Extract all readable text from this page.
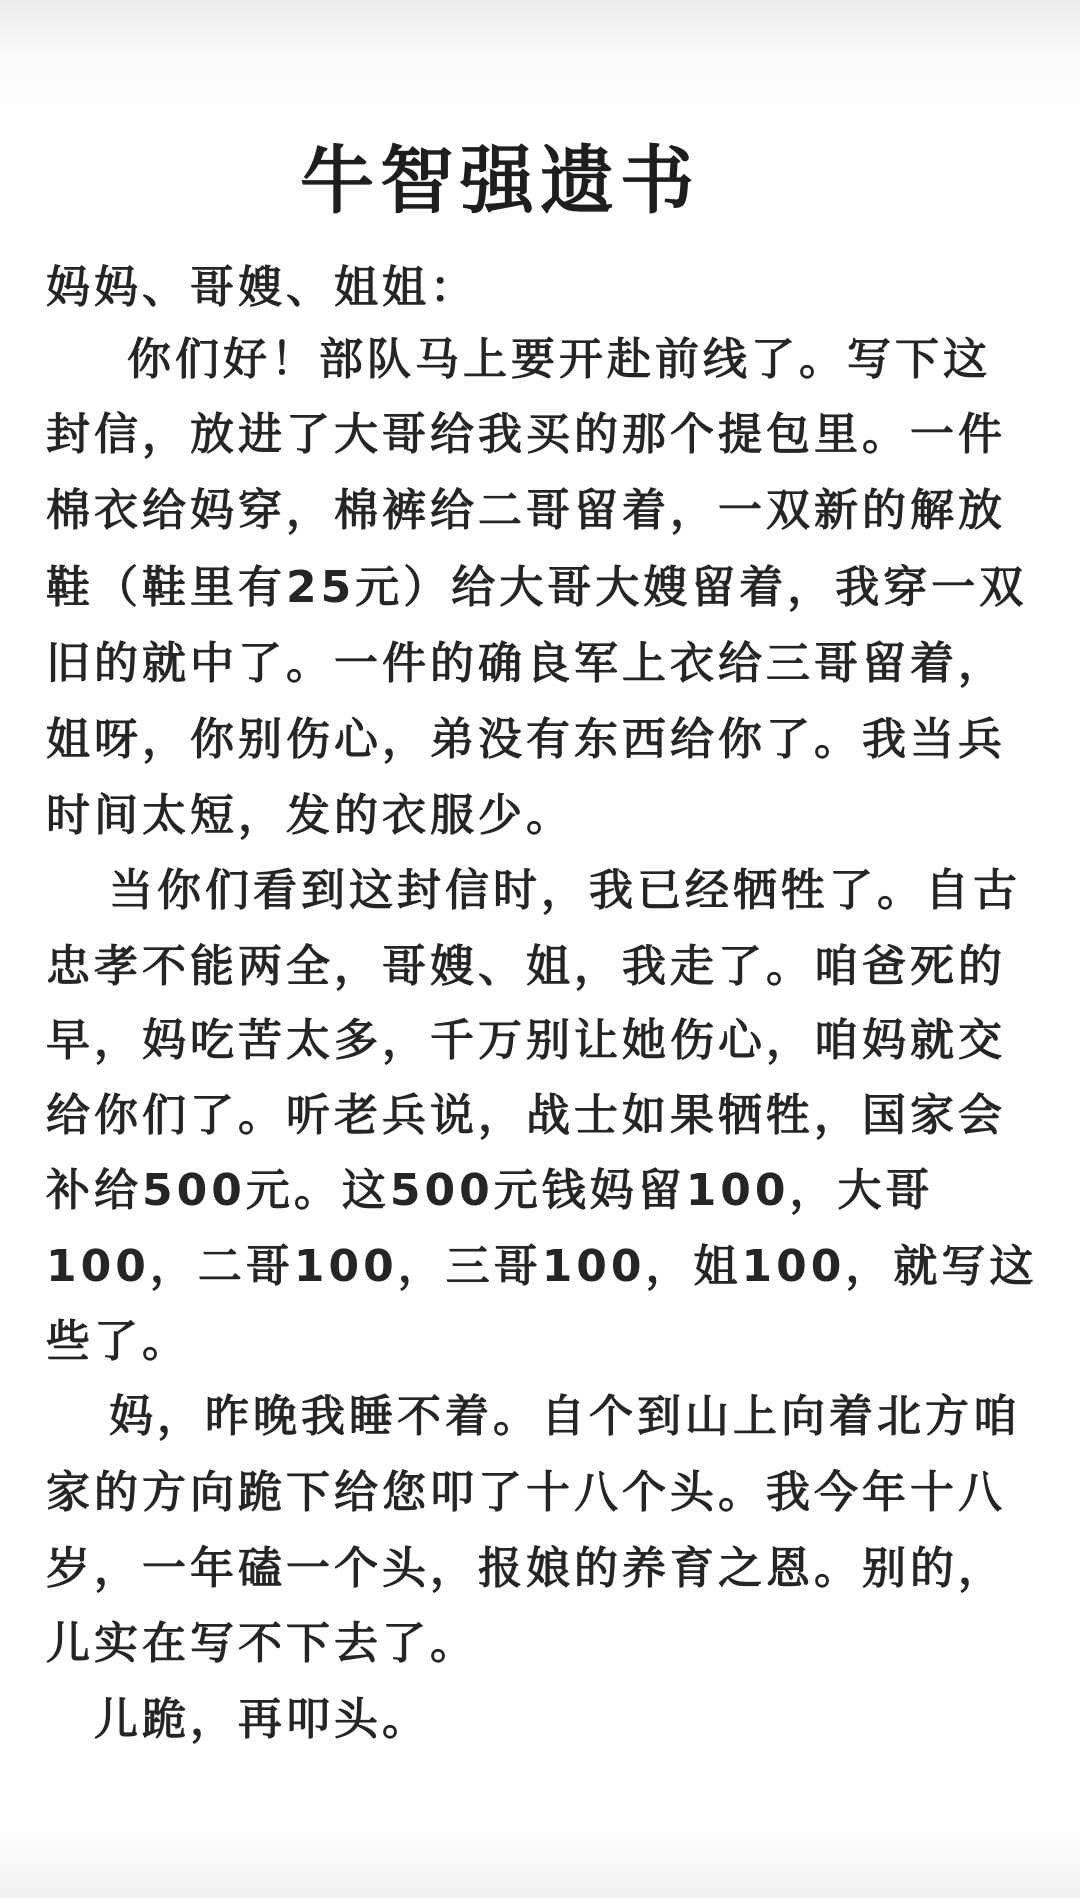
牛智强遗书
妈妈、哥嫂、姐姐：
你们好！部队马上要开赴前线了。写下这
封信，放进了大哥给我买的那个提包里。一件
棉衣给妈穿，棉裤给二哥留着，一双新的解放
鞋（鞋里有25元）给大哥大嫂留着，我穿一双
旧的就中了。一件的确良军上衣给三哥留着，
姐呀，你别伤心，弟没有东西给你了。我当兵
时间太短，发的衣服少。
当你们看到这封信时，我已经牺牲了。自古
忠孝不能两全，哥嫂、姐，我走了。咱爸死的
早，妈吃苦太多，千万别让她伤心，咱妈就交
给你们了。听老兵说，战士如果牺牲，国家会
补给500元。这500元钱妈留100，大哥
100，二哥100，三哥100，姐100，就写这
些了。
妈，昨晚我睡不着。自个到山上向着北方咱
家的方向跪下给您叩了十八个头。我今年十八
岁，一年磕一个头，报娘的养育之恩。别的，
儿实在写不下去了。
儿跪，再叩头。
